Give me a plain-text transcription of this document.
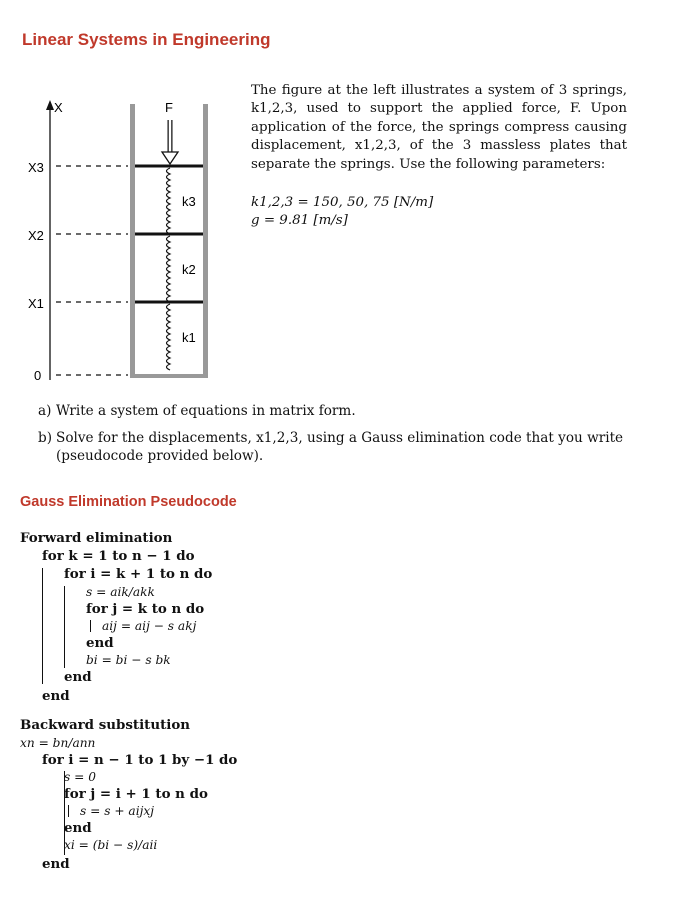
Linear Systems in Engineering
X
X3
X2
X1
0
F
k3
k2
k1

The figure at the left illustrates a system of 3 springs, k1,2,3, used to support the applied force, F. Upon application of the force, the springs compress causing displacement, x1,2,3, of the 3 massless plates that separate the springs. Use the following parameters:

k1,2,3 = 150, 50, 75 [N/m]
g = 9.81 [m/s]
a) Write a system of equations in matrix form.
b) Solve for the displacements, x1,2,3, using a Gauss elimination code that you write (pseudocode provided below).
Gauss Elimination Pseudocode
Forward elimination
for k = 1 to n − 1 do
for i = k + 1 to n do
s = aik/akk
for j = k to n do
aij = aij − s akj
end
bi = bi − s bk
end
end
Backward substitution
xn = bn/ann
for i = n − 1 to 1 by −1 do
s = 0
for j = i + 1 to n do
s = s + aijxj
end
xi = (bi − s)/aii
end
